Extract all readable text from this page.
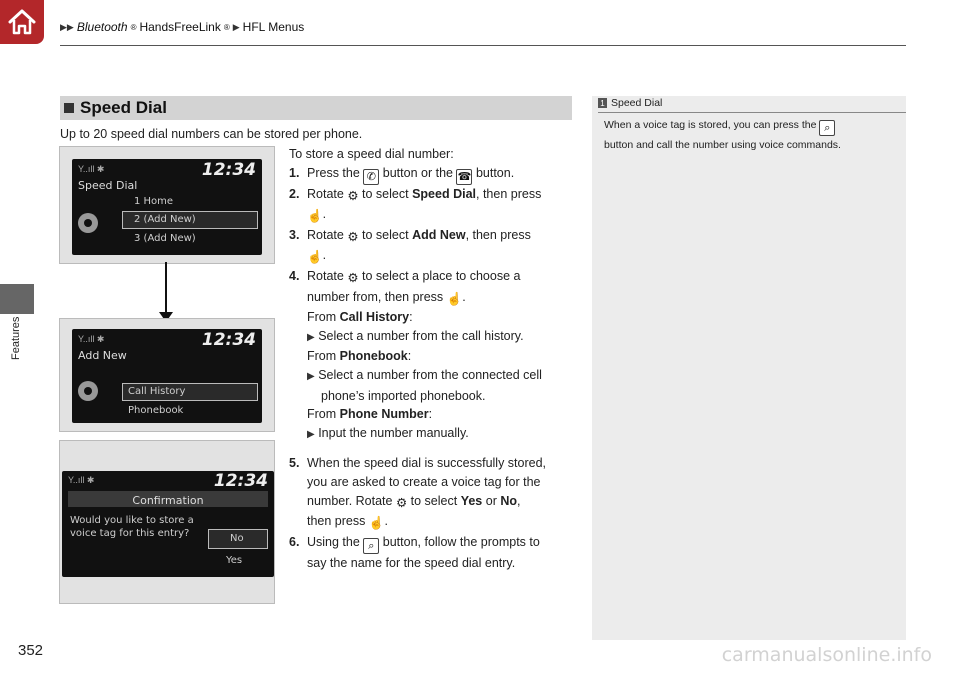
▶▶ Bluetooth ® HandsFreeLink ® ▶ HFL Menus
Features
352	carmanualsonline.info
Speed Dial
Up to 20 speed dial numbers can be stored per phone.
Y..ıll ✱	12:34
Speed Dial
1 Home
2 (Add New)
3 (Add New)
Y..ıll ✱	12:34
Add New
Call History
Phonebook
Y..ıll ✱	12:34
Confirmation
Would you like to store a
voice tag for this entry?	No
Yes

To store a speed dial number:

1. Press the ✆ button or the ☎ button.

2. Rotate ⚙ to select Speed Dial, then press

☝.

3. Rotate ⚙ to select Add New, then press

☝.

4. Rotate ⚙ to select a place to choose a

number from, then press ☝.

From Call History:

▶ Select a number from the call history.

From Phonebook:

▶ Select a number from the connected cell

phone’s imported phonebook.

From Phone Number:

▶ Input the number manually.

5. When the speed dial is successfully stored,

you are asked to create a voice tag for the

number. Rotate ⚙ to select Yes or No,

then press ☝.

6. Using the ⌕ button, follow the prompts to

say the name for the speed dial entry.

1 Speed Dial
When a voice tag is stored, you can press the ⌕
button and call the number using voice commands.
